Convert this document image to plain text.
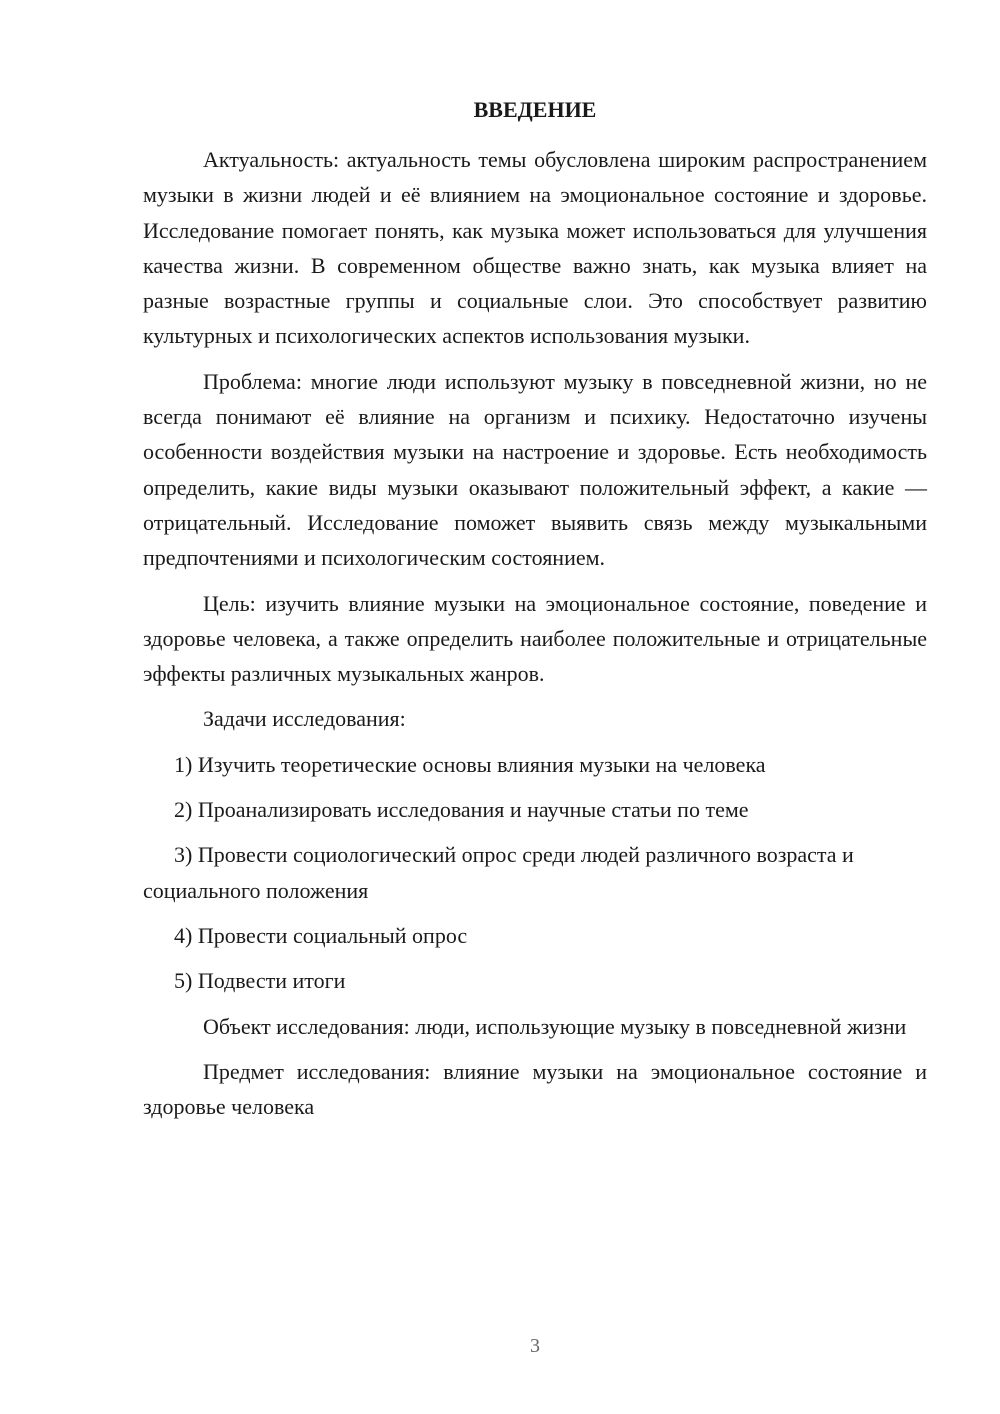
ВВЕДЕНИЕ

Актуальность: актуальность темы обусловлена широким распространением музыки в жизни людей и её влиянием на эмоциональное состояние и здоровье. Исследование помогает понять, как музыка может использоваться для улучшения качества жизни. В современном обществе важно знать, как музыка влияет на разные возрастные группы и социальные слои. Это способствует развитию культурных и психологических аспектов использования музыки.

Проблема: многие люди используют музыку в повседневной жизни, но не всегда понимают её влияние на организм и психику. Недостаточно изучены особенности воздействия музыки на настроение и здоровье. Есть необходимость определить, какие виды музыки оказывают положительный эффект, а какие — отрицательный. Исследование поможет выявить связь между музыкальными предпочтениями и психологическим состоянием.

Цель: изучить влияние музыки на эмоциональное состояние, поведение и здоровье человека, а также определить наиболее положительные и отрицательные эффекты различных музыкальных жанров.

Задачи исследования:

1) Изучить теоретические основы влияния музыки на человека

2) Проанализировать исследования и научные статьи по теме

3) Провести социологический опрос среди людей различного возраста и социального положения

4) Провести социальный опрос

5) Подвести итоги

Объект исследования: люди, использующие музыку в повседневной жизни

Предмет исследования: влияние музыки на эмоциональное состояние и здоровье человека

3
